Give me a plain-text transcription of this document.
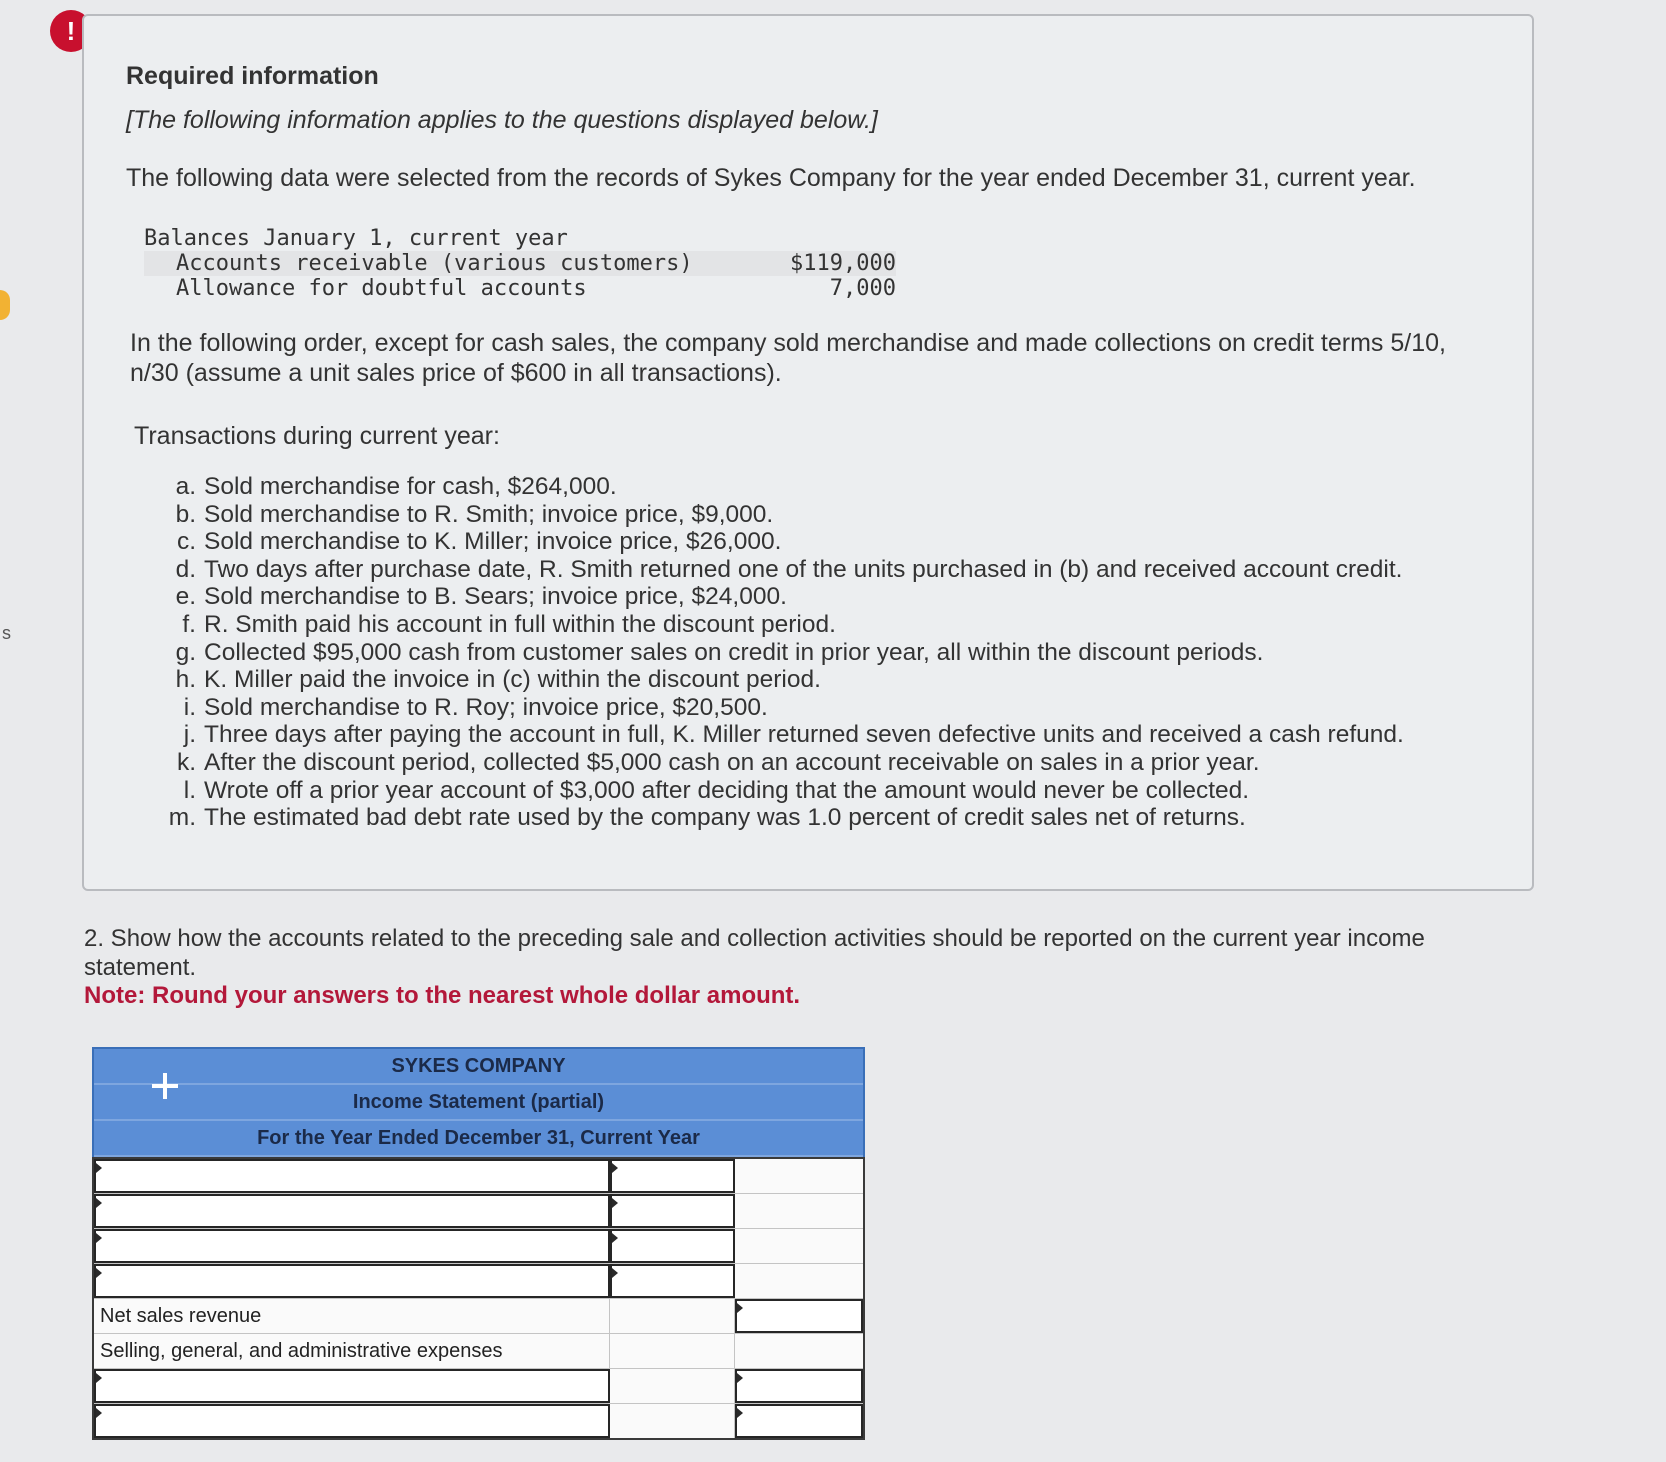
s
!
Required information
[The following information applies to the questions displayed below.]
The following data were selected from the records of Sykes Company for the year ended December 31, current year.
Balances January 1, current year
Accounts receivable (various customers)	$119,000
Allowance for doubtful accounts	7,000
In the following order, except for cash sales, the company sold merchandise and made collections on credit terms 5/10, n/30 (assume a unit sales price of $600 in all transactions).
Transactions during current year:
a. Sold merchandise for cash, $264,000.
b. Sold merchandise to R. Smith; invoice price, $9,000.
c. Sold merchandise to K. Miller; invoice price, $26,000.
d. Two days after purchase date, R. Smith returned one of the units purchased in (b) and received account credit.
e. Sold merchandise to B. Sears; invoice price, $24,000.
f. R. Smith paid his account in full within the discount period.
g. Collected $95,000 cash from customer sales on credit in prior year, all within the discount periods.
h. K. Miller paid the invoice in (c) within the discount period.
i. Sold merchandise to R. Roy; invoice price, $20,500.
j. Three days after paying the account in full, K. Miller returned seven defective units and received a cash refund.
k. After the discount period, collected $5,000 cash on an account receivable on sales in a prior year.
l. Wrote off a prior year account of $3,000 after deciding that the amount would never be collected.
m. The estimated bad debt rate used by the company was 1.0 percent of credit sales net of returns.
2. Show how the accounts related to the preceding sale and collection activities should be reported on the current year income statement.
Note: Round your answers to the nearest whole dollar amount.
SYKES COMPANY
Income Statement (partial)
For the Year Ended December 31, Current Year
Net sales revenue
Selling, general, and administrative expenses
